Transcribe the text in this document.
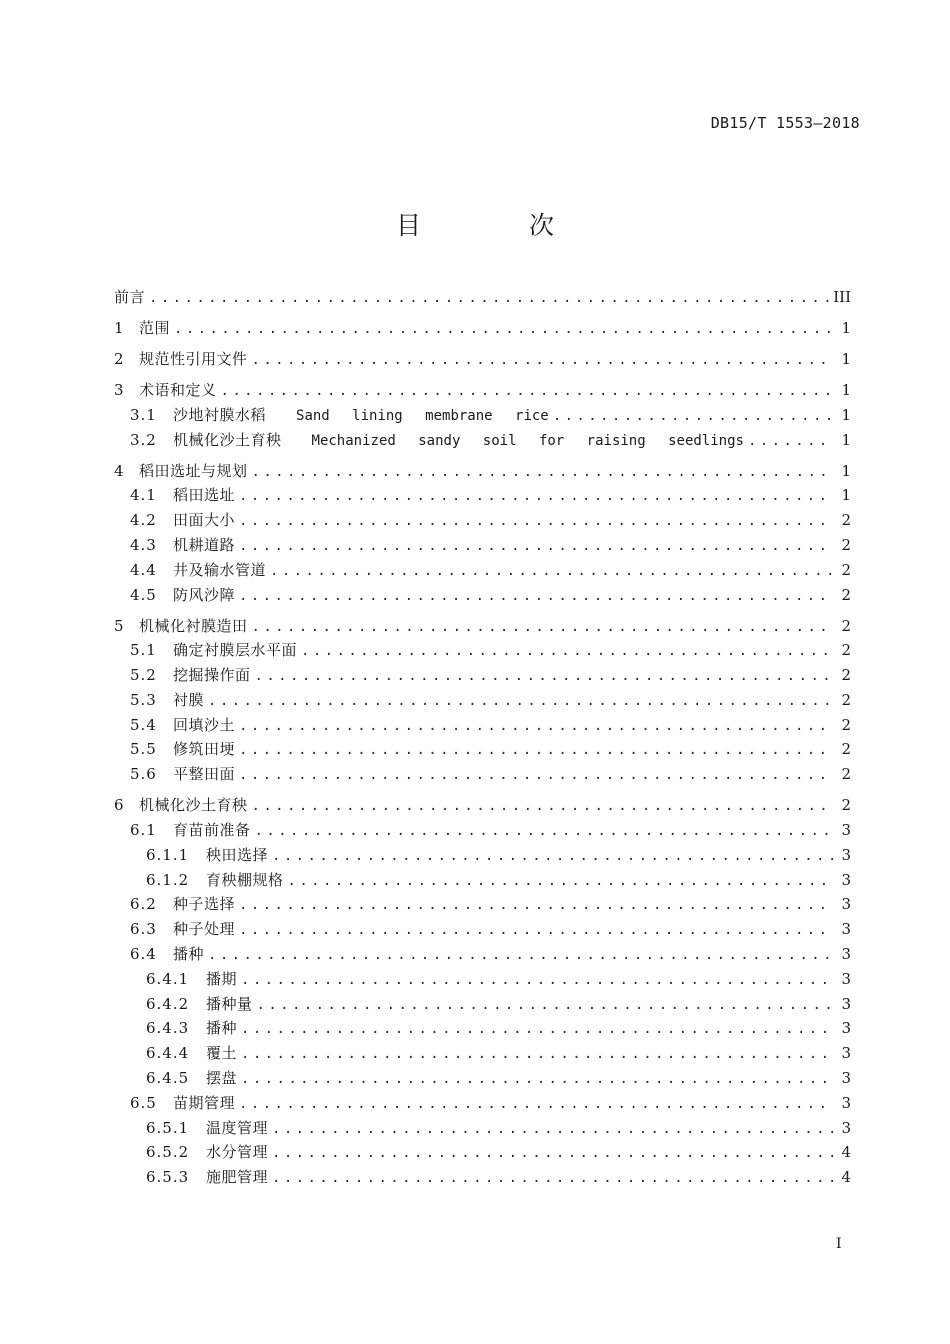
DB15/T 1553—2018
目 次
前言 .....	III
1 范围 .....	1
2 规范性引用文件 .....	1
3 术语和定义 .....	1
3.1 沙地衬膜水稻 Sand lining membrane rice .....	1
3.2 机械化沙土育秧 Mechanized sandy soil for raising seedlings .....	1
4 稻田选址与规划 .....	1
4.1 稻田选址 .....	1
4.2 田面大小 .....	2
4.3 机耕道路 .....	2
4.4 井及输水管道 .....	2
4.5 防风沙障 .....	2
5 机械化衬膜造田 .....	2
5.1 确定衬膜层水平面 .....	2
5.2 挖掘操作面 .....	2
5.3 衬膜 .....	2
5.4 回填沙土 .....	2
5.5 修筑田埂 .....	2
5.6 平整田面 .....	2
6 机械化沙土育秧 .....	2
6.1 育苗前准备 .....	3
6.1.1 秧田选择 .....	3
6.1.2 育秧棚规格 .....	3
6.2 种子选择 .....	3
6.3 种子处理 .....	3
6.4 播种 .....	3
6.4.1 播期 .....	3
6.4.2 播种量 .....	3
6.4.3 播种 .....	3
6.4.4 覆土 .....	3
6.4.5 摆盘 .....	3
6.5 苗期管理 .....	3
6.5.1 温度管理 .....	3
6.5.2 水分管理 .....	4
6.5.3 施肥管理 .....	4
I
